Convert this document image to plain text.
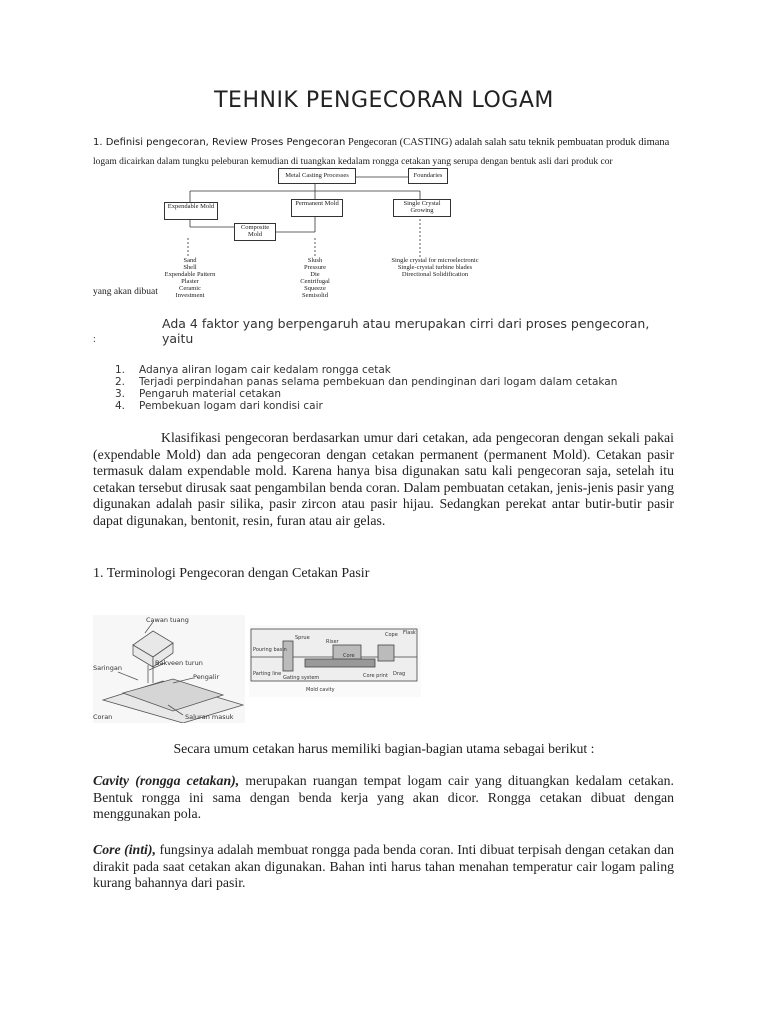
TEHNIK PENGECORAN LOGAM
1. Definisi pengecoran, Review Proses Pengecoran Pengecoran (CASTING) adalah salah satu teknik pembuatan produk dimana
logam dicairkan dalam tungku peleburan kemudian di tuangkan kedalam rongga cetakan yang serupa dengan bentuk asli dari produk cor
Metal Casting Processes	Foundaries
Expendable Mold	Permanent Mold	Single Crystal Growing
Composite Mold
Sand
Shell
Expendable Pattern
Plaster
Ceramic
Investment
Slush
Pressure
Die
Centrifugal
Squeeze
Semisolid
Single crystal for microelectronic
Single-crystal turbine blades
Directional Solidification
yang akan dibuat
Ada 4 faktor yang berpengaruh atau merupakan cirri dari proses pengecoran, yaitu
:
1.	Adanya aliran logam cair kedalam rongga cetak
2.	Terjadi perpindahan panas selama pembekuan dan pendinginan dari logam dalam cetakan
3.	Pengaruh material cetakan
4.	Pembekuan logam dari kondisi cair
Klasifikasi pengecoran berdasarkan umur dari cetakan, ada pengecoran dengan sekali pakai (expendable Mold) dan ada pengecoran dengan cetakan permanent (permanent Mold). Cetakan pasir termasuk dalam expendable mold. Karena hanya bisa digunakan satu kali pengecoran saja, setelah itu cetakan tersebut dirusak saat pengambilan benda coran. Dalam pembuatan cetakan, jenis-jenis pasir yang digunakan adalah pasir silika, pasir zircon atau pasir hijau. Sedangkan perekat antar butir-butir pasir dapat digunakan, bentonit, resin, furan atau air gelas.
1. Terminologi Pengecoran dengan Cetakan Pasir
Cawan tuang
Bakveen turun
Saringan
Pengalir
Coran	Saluran masuk
Cope Flask
Pouring basin
Sprue
Riser
Core
Parting line
Gating system
Mold cavity
Core print Drag
Secara umum cetakan harus memiliki bagian-bagian utama sebagai berikut :
Cavity (rongga cetakan), merupakan ruangan tempat logam cair yang dituangkan kedalam cetakan. Bentuk rongga ini sama dengan benda kerja yang akan dicor. Rongga cetakan dibuat dengan menggunakan pola.
Core (inti), fungsinya adalah membuat rongga pada benda coran. Inti dibuat terpisah dengan cetakan dan dirakit pada saat cetakan akan digunakan. Bahan inti harus tahan menahan temperatur cair logam paling kurang bahannya dari pasir.
